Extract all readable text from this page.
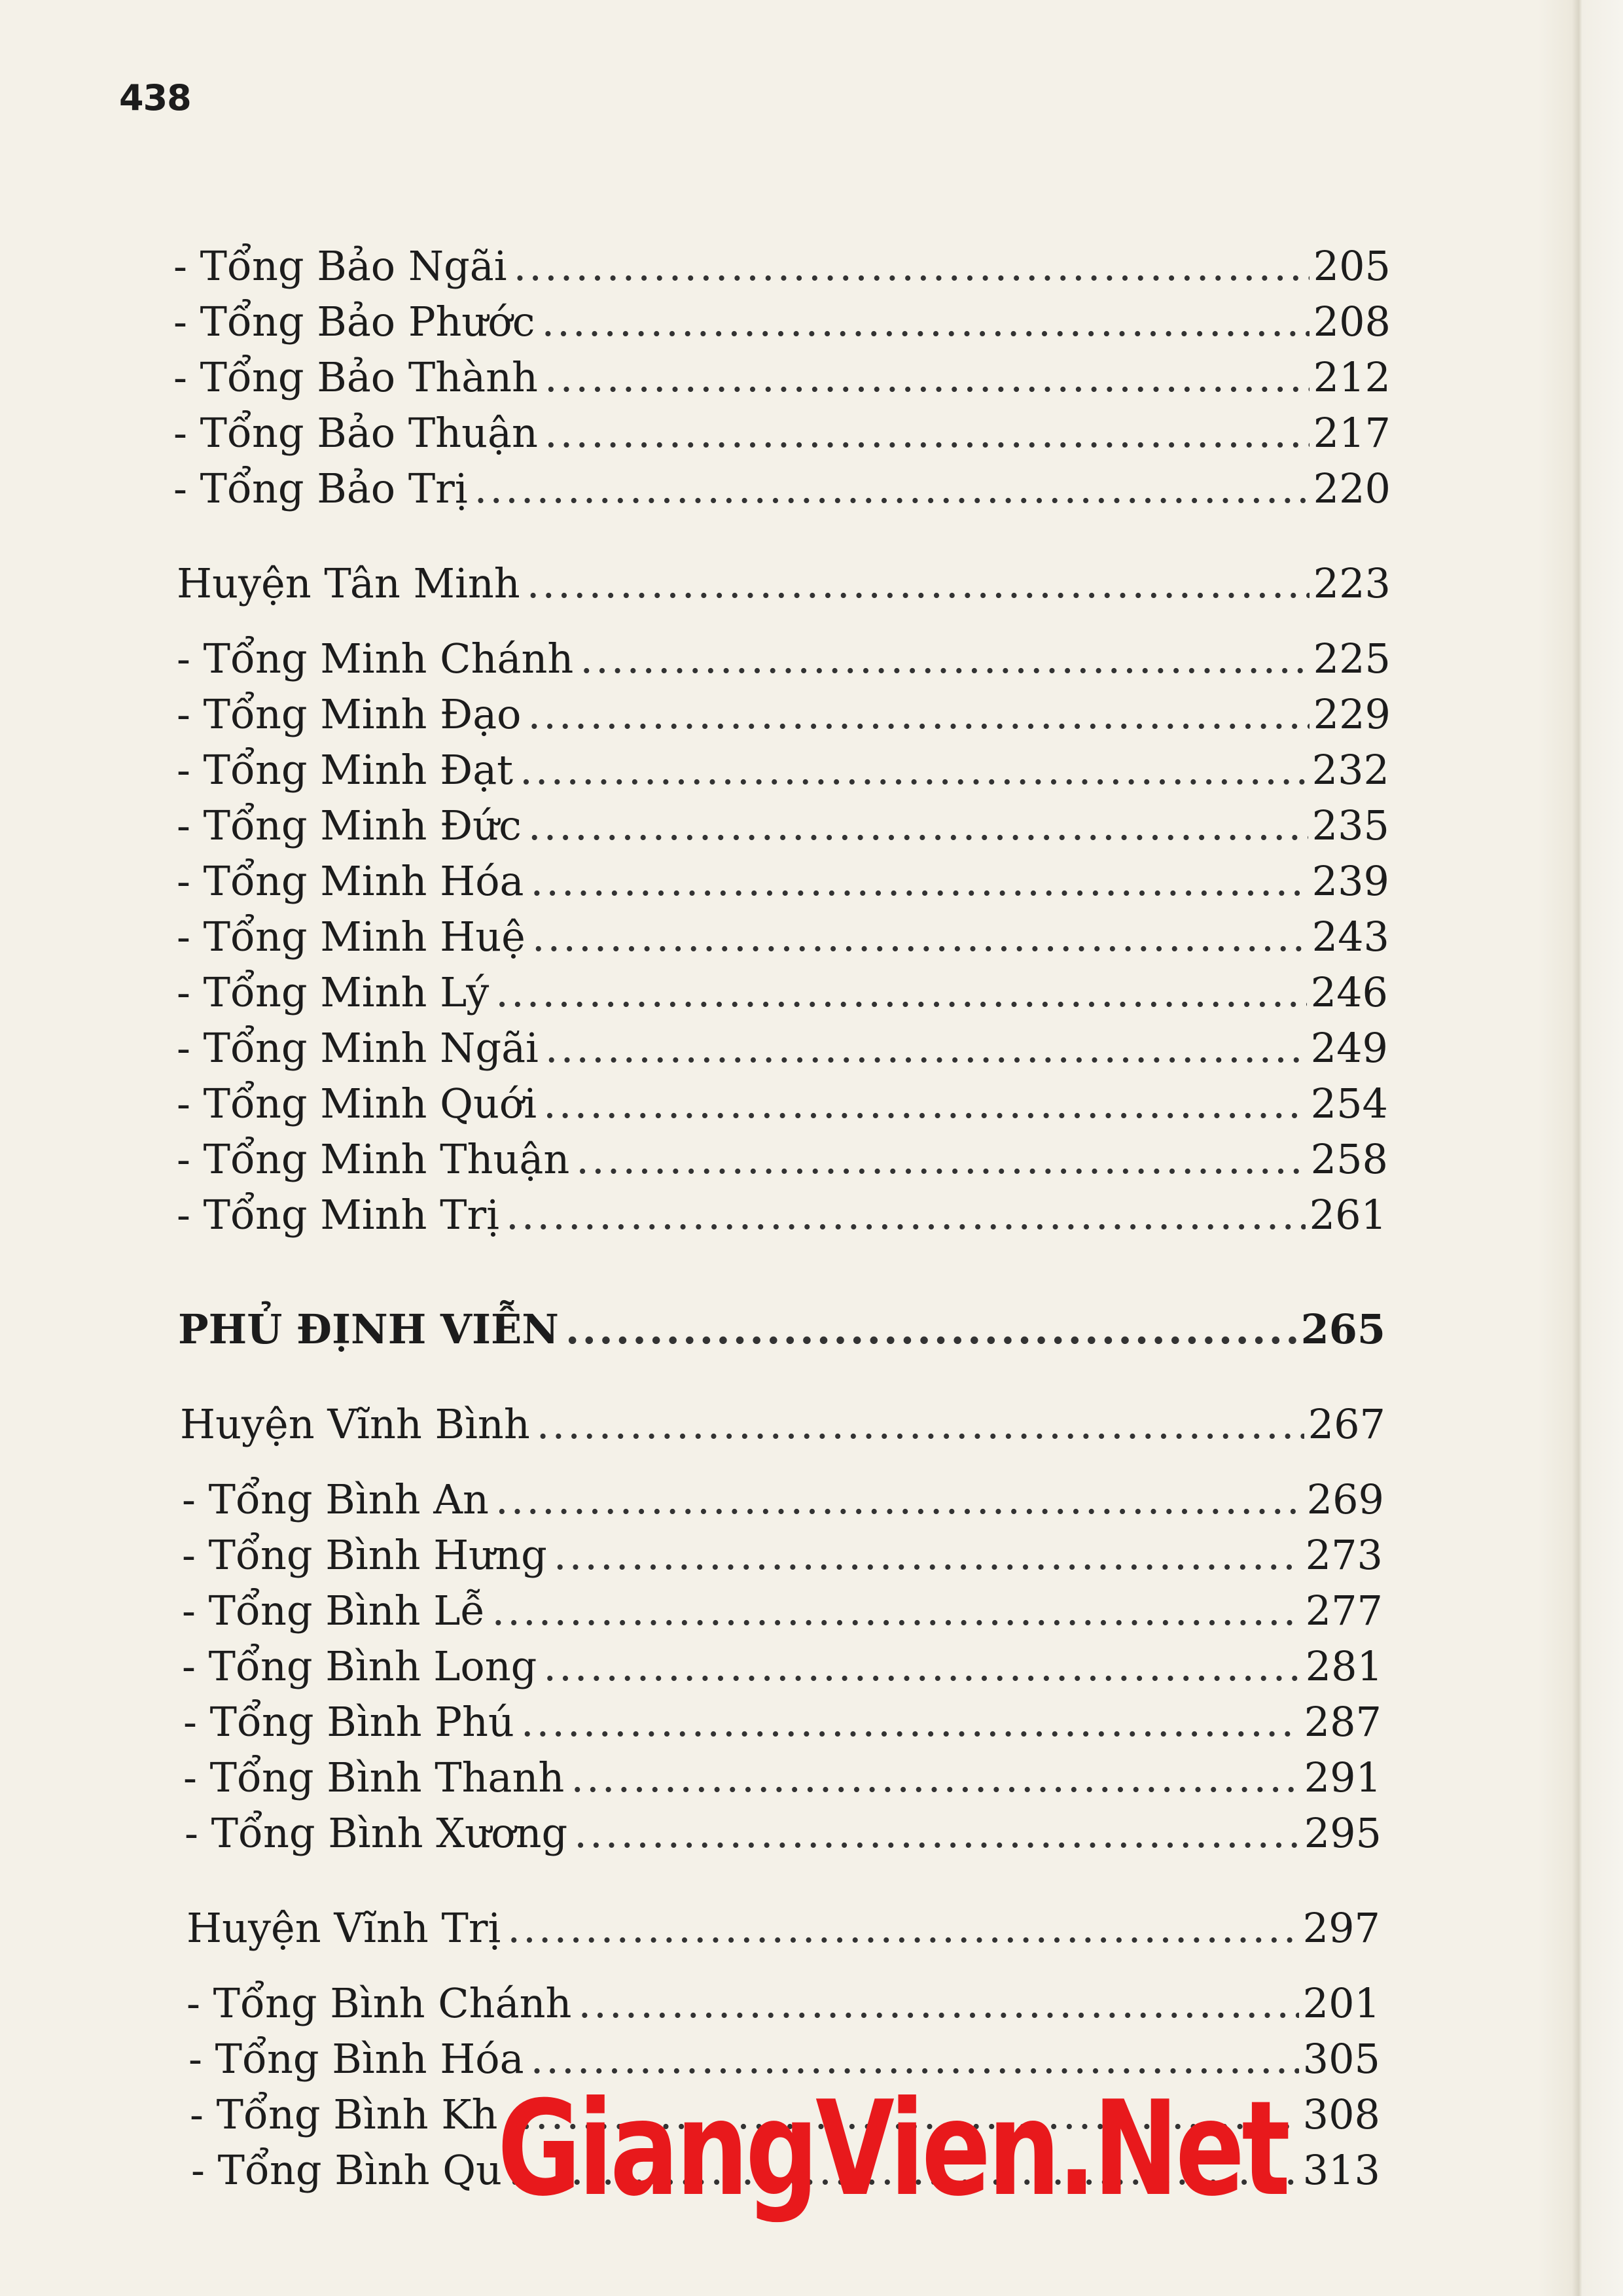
438
- Tổng Bảo Ngãi .....	205
- Tổng Bảo Phước .....	208
- Tổng Bảo Thành .....	212
- Tổng Bảo Thuận .....	217
- Tổng Bảo Trị .....	220
Huyện Tân Minh .....	223
- Tổng Minh Chánh .....	225
- Tổng Minh Đạo .....	229
- Tổng Minh Đạt .....	232
- Tổng Minh Đức .....	235
- Tổng Minh Hóa .....	239
- Tổng Minh Huệ .....	243
- Tổng Minh Lý .....	246
- Tổng Minh Ngãi .....	249
- Tổng Minh Quới .....	254
- Tổng Minh Thuận .....	258
- Tổng Minh Trị .....	261
PHỦ ĐỊNH VIỄN .....	265
Huyện Vĩnh Bình .....	267
- Tổng Bình An .....	269
- Tổng Bình Hưng .....	273
- Tổng Bình Lễ .....	277
- Tổng Bình Long .....	281
- Tổng Bình Phú .....	287
- Tổng Bình Thanh .....	291
- Tổng Bình Xương .....	295
Huyện Vĩnh Trị .....	297
- Tổng Bình Chánh .....	201
- Tổng Bình Hóa .....	305
- Tổng Bình Kh .....	308
- Tổng Bình Qu .....	313
GiangVien.Net
